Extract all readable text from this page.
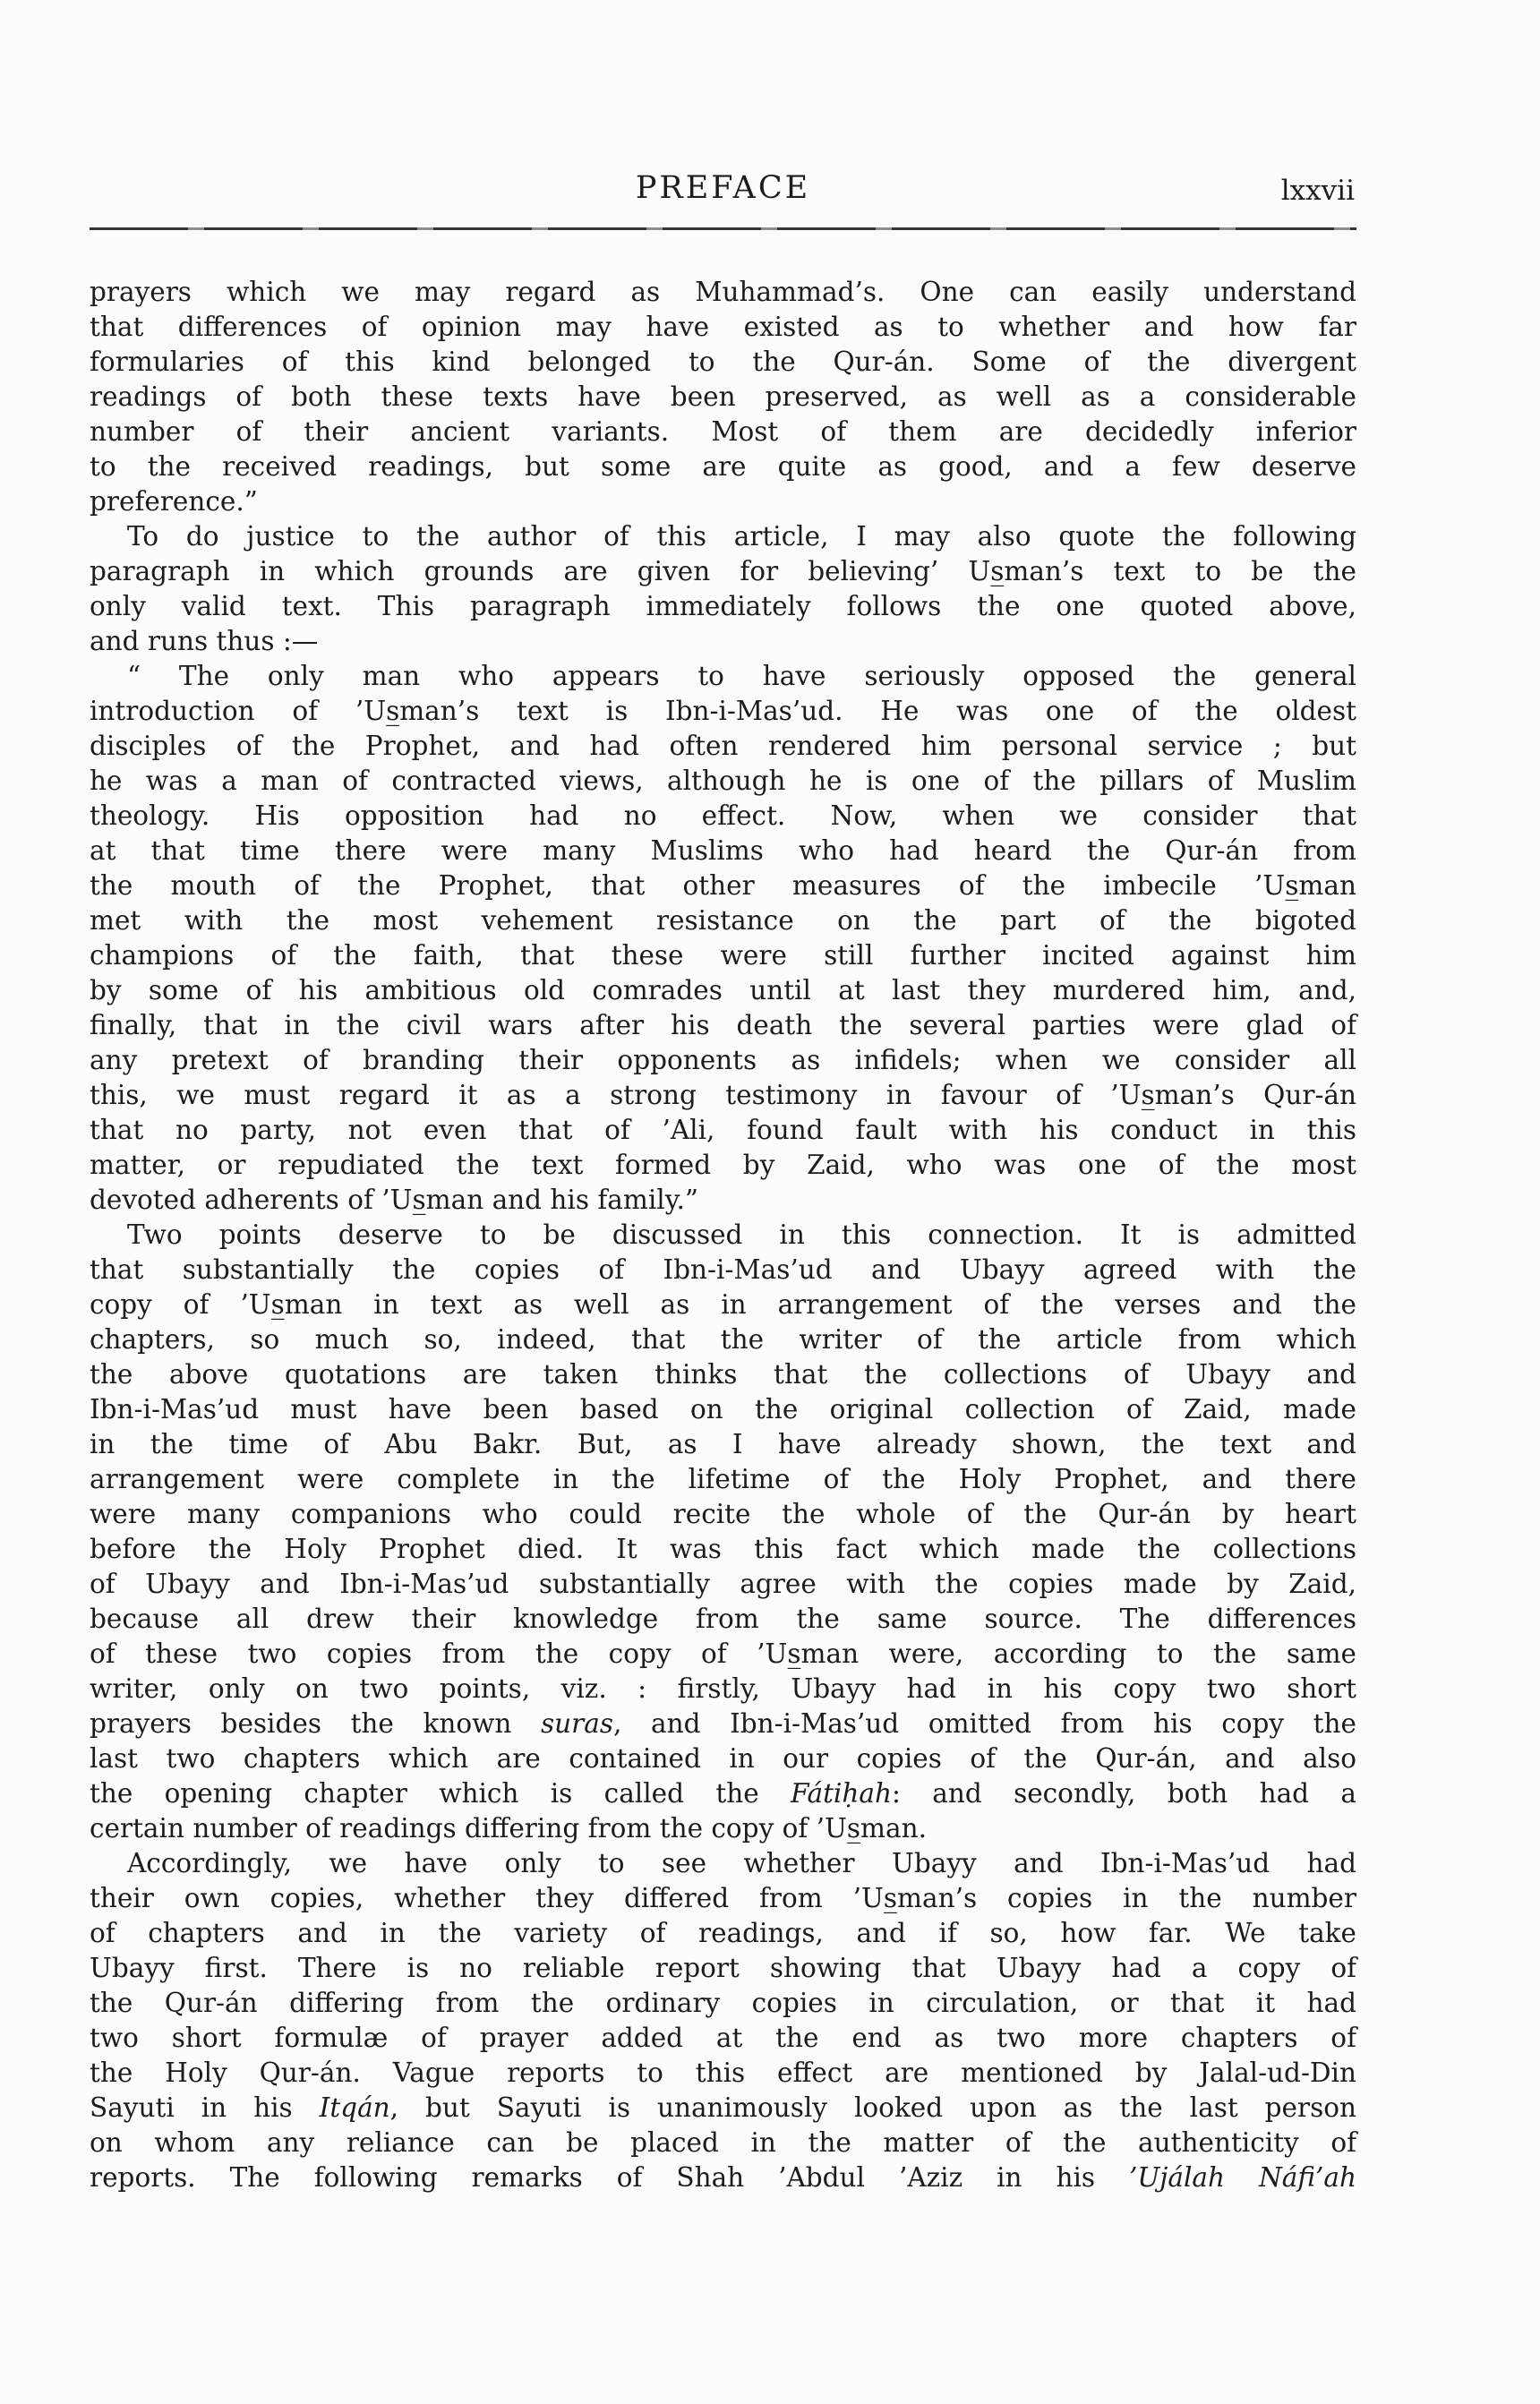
PREFACE	lxxvii
prayers which we may regard as Muhammad’s. One can easily understand
that differences of opinion may have existed as to whether and how far
formularies of this kind belonged to the Qur-án. Some of the divergent
readings of both these texts have been preserved, as well as a considerable
number of their ancient variants. Most of them are decidedly inferior
to the received readings, but some are quite as good, and a few deserve
preference.”
To do justice to the author of this article, I may also quote the following
paragraph in which grounds are given for believing’ Us̲man’s text to be the
only valid text. This paragraph immediately follows the one quoted above,
and runs thus :—
“ The only man who appears to have seriously opposed the general
introduction of ’Us̲man’s text is Ibn-i-Mas’ud. He was one of the oldest
disciples of the Prophet, and had often rendered him personal service ; but
he was a man of contracted views, although he is one of the pillars of Muslim
theology. His opposition had no effect. Now, when we consider that
at that time there were many Muslims who had heard the Qur-án from
the mouth of the Prophet, that other measures of the imbecile ’Us̲man
met with the most vehement resistance on the part of the bigoted
champions of the faith, that these were still further incited against him
by some of his ambitious old comrades until at last they murdered him, and,
finally, that in the civil wars after his death the several parties were glad of
any pretext of branding their opponents as infidels; when we consider all
this, we must regard it as a strong testimony in favour of ’Us̲man’s Qur-án
that no party, not even that of ’Ali, found fault with his conduct in this
matter, or repudiated the text formed by Zaid, who was one of the most
devoted adherents of ’Us̲man and his family.”
Two points deserve to be discussed in this connection. It is admitted
that substantially the copies of Ibn-i-Mas’ud and Ubayy agreed with the
copy of ’Us̲man in text as well as in arrangement of the verses and the
chapters, so much so, indeed, that the writer of the article from which
the above quotations are taken thinks that the collections of Ubayy and
Ibn-i-Mas’ud must have been based on the original collection of Zaid, made
in the time of Abu Bakr. But, as I have already shown, the text and
arrangement were complete in the lifetime of the Holy Prophet, and there
were many companions who could recite the whole of the Qur-án by heart
before the Holy Prophet died. It was this fact which made the collections
of Ubayy and Ibn-i-Mas’ud substantially agree with the copies made by Zaid,
because all drew their knowledge from the same source. The differences
of these two copies from the copy of ’Us̲man were, according to the same
writer, only on two points, viz. : firstly, Ubayy had in his copy two short
prayers besides the known suras, and Ibn-i-Mas’ud omitted from his copy the
last two chapters which are contained in our copies of the Qur-án, and also
the opening chapter which is called the Fátiḥah: and secondly, both had a
certain number of readings differing from the copy of ’Us̲man.
Accordingly, we have only to see whether Ubayy and Ibn-i-Mas’ud had
their own copies, whether they differed from ’Us̲man’s copies in the number
of chapters and in the variety of readings, and if so, how far. We take
Ubayy first. There is no reliable report showing that Ubayy had a copy of
the Qur-án differing from the ordinary copies in circulation, or that it had
two short formulæ of prayer added at the end as two more chapters of
the Holy Qur-án. Vague reports to this effect are mentioned by Jalal-ud-Din
Sayuti in his Itqán, but Sayuti is unanimously looked upon as the last person
on whom any reliance can be placed in the matter of the authenticity of
reports. The following remarks of Shah ’Abdul ’Aziz in his ’Ujálah Náfi’ah
